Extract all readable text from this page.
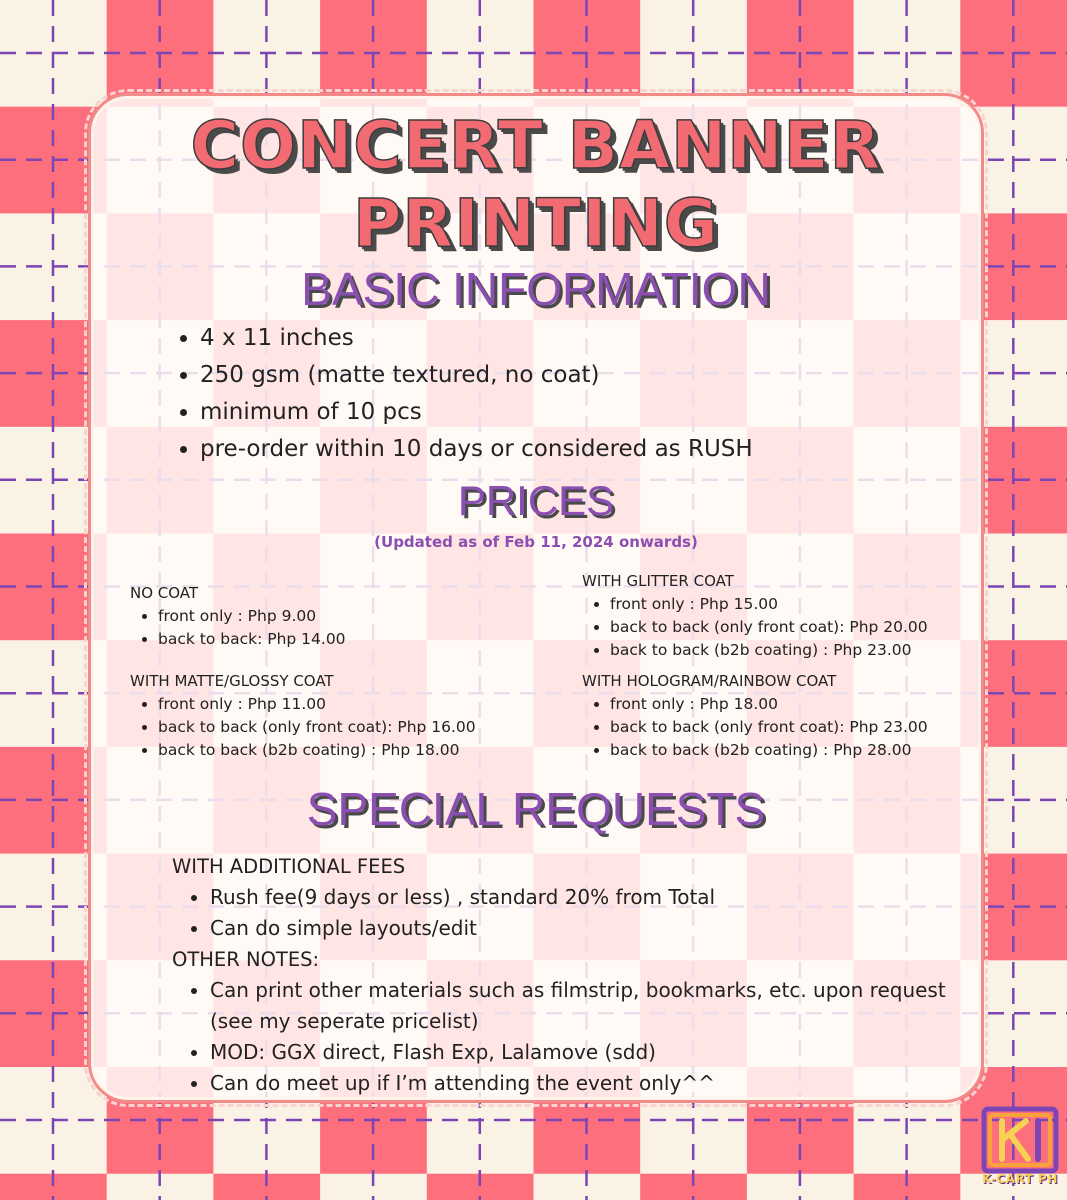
CONCERT BANNER
PRINTING
BASIC INFORMATION
• 4 x 11 inches
• 250 gsm (matte textured, no coat)
• minimum of 10 pcs
• pre-order within 10 days or considered as RUSH
PRICES
(Updated as of Feb 11, 2024 onwards)
NO COAT
• front only : Php 9.00
• back to back: Php 14.00
WITH GLITTER COAT
• front only : Php 15.00
• back to back (only front coat): Php 20.00
• back to back (b2b coating) : Php 23.00
WITH MATTE/GLOSSY COAT
• front only : Php 11.00
• back to back (only front coat): Php 16.00
• back to back (b2b coating) : Php 18.00
WITH HOLOGRAM/RAINBOW COAT
• front only : Php 18.00
• back to back (only front coat): Php 23.00
• back to back (b2b coating) : Php 28.00
SPECIAL REQUESTS
WITH ADDITIONAL FEES
• Rush fee(9 days or less) , standard 20% from Total
• Can do simple layouts/edit
OTHER NOTES:
• Can print other materials such as filmstrip, bookmarks, etc. upon request (see my seperate pricelist)
• MOD: GGX direct, Flash Exp, Lalamove (sdd)
• Can do meet up if I’m attending the event only^^
K-CART PH
